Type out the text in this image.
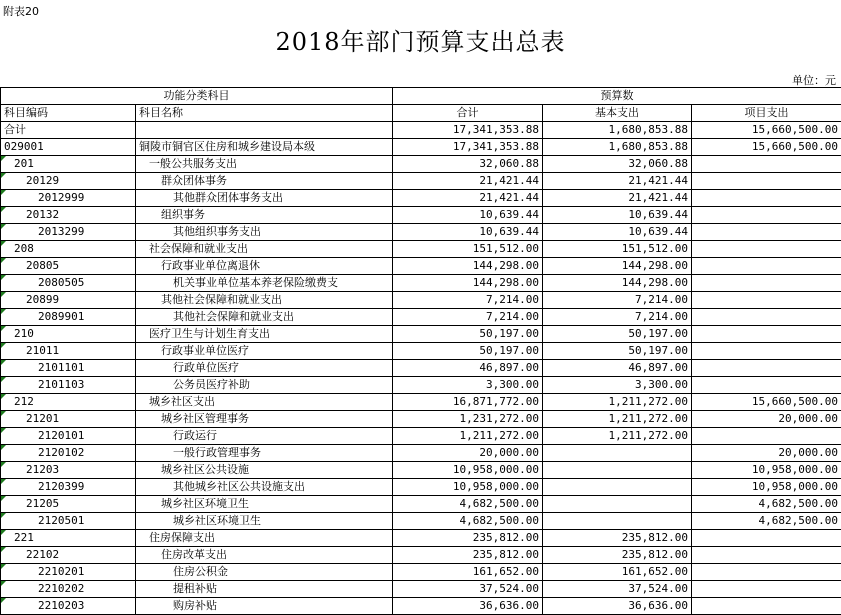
附表20
2018年部门预算支出总表
单位：元
功能分类科目		预算数		
科目编码	科目名称	合计	基本支出	项目支出
合计		17,341,353.88	1,680,853.88	15,660,500.00
029001	铜陵市铜官区住房和城乡建设局本级	17,341,353.88	1,680,853.88	15,660,500.00
201	一般公共服务支出	32,060.88	32,060.88	
20129	群众团体事务	21,421.44	21,421.44	
2012999	其他群众团体事务支出	21,421.44	21,421.44	
20132	组织事务	10,639.44	10,639.44	
2013299	其他组织事务支出	10,639.44	10,639.44	
208	社会保障和就业支出	151,512.00	151,512.00	
20805	行政事业单位离退休	144,298.00	144,298.00	
2080505	机关事业单位基本养老保险缴费支	144,298.00	144,298.00	
20899	其他社会保障和就业支出	7,214.00	7,214.00	
2089901	其他社会保障和就业支出	7,214.00	7,214.00	
210	医疗卫生与计划生育支出	50,197.00	50,197.00	
21011	行政事业单位医疗	50,197.00	50,197.00	
2101101	行政单位医疗	46,897.00	46,897.00	
2101103	公务员医疗补助	3,300.00	3,300.00	
212	城乡社区支出	16,871,772.00	1,211,272.00	15,660,500.00
21201	城乡社区管理事务	1,231,272.00	1,211,272.00	20,000.00
2120101	行政运行	1,211,272.00	1,211,272.00	
2120102	一般行政管理事务	20,000.00		20,000.00
21203	城乡社区公共设施	10,958,000.00		10,958,000.00
2120399	其他城乡社区公共设施支出	10,958,000.00		10,958,000.00
21205	城乡社区环境卫生	4,682,500.00		4,682,500.00
2120501	城乡社区环境卫生	4,682,500.00		4,682,500.00
221	住房保障支出	235,812.00	235,812.00	
22102	住房改革支出	235,812.00	235,812.00	
2210201	住房公积金	161,652.00	161,652.00	
2210202	提租补贴	37,524.00	37,524.00	
2210203	购房补贴	36,636.00	36,636.00	
